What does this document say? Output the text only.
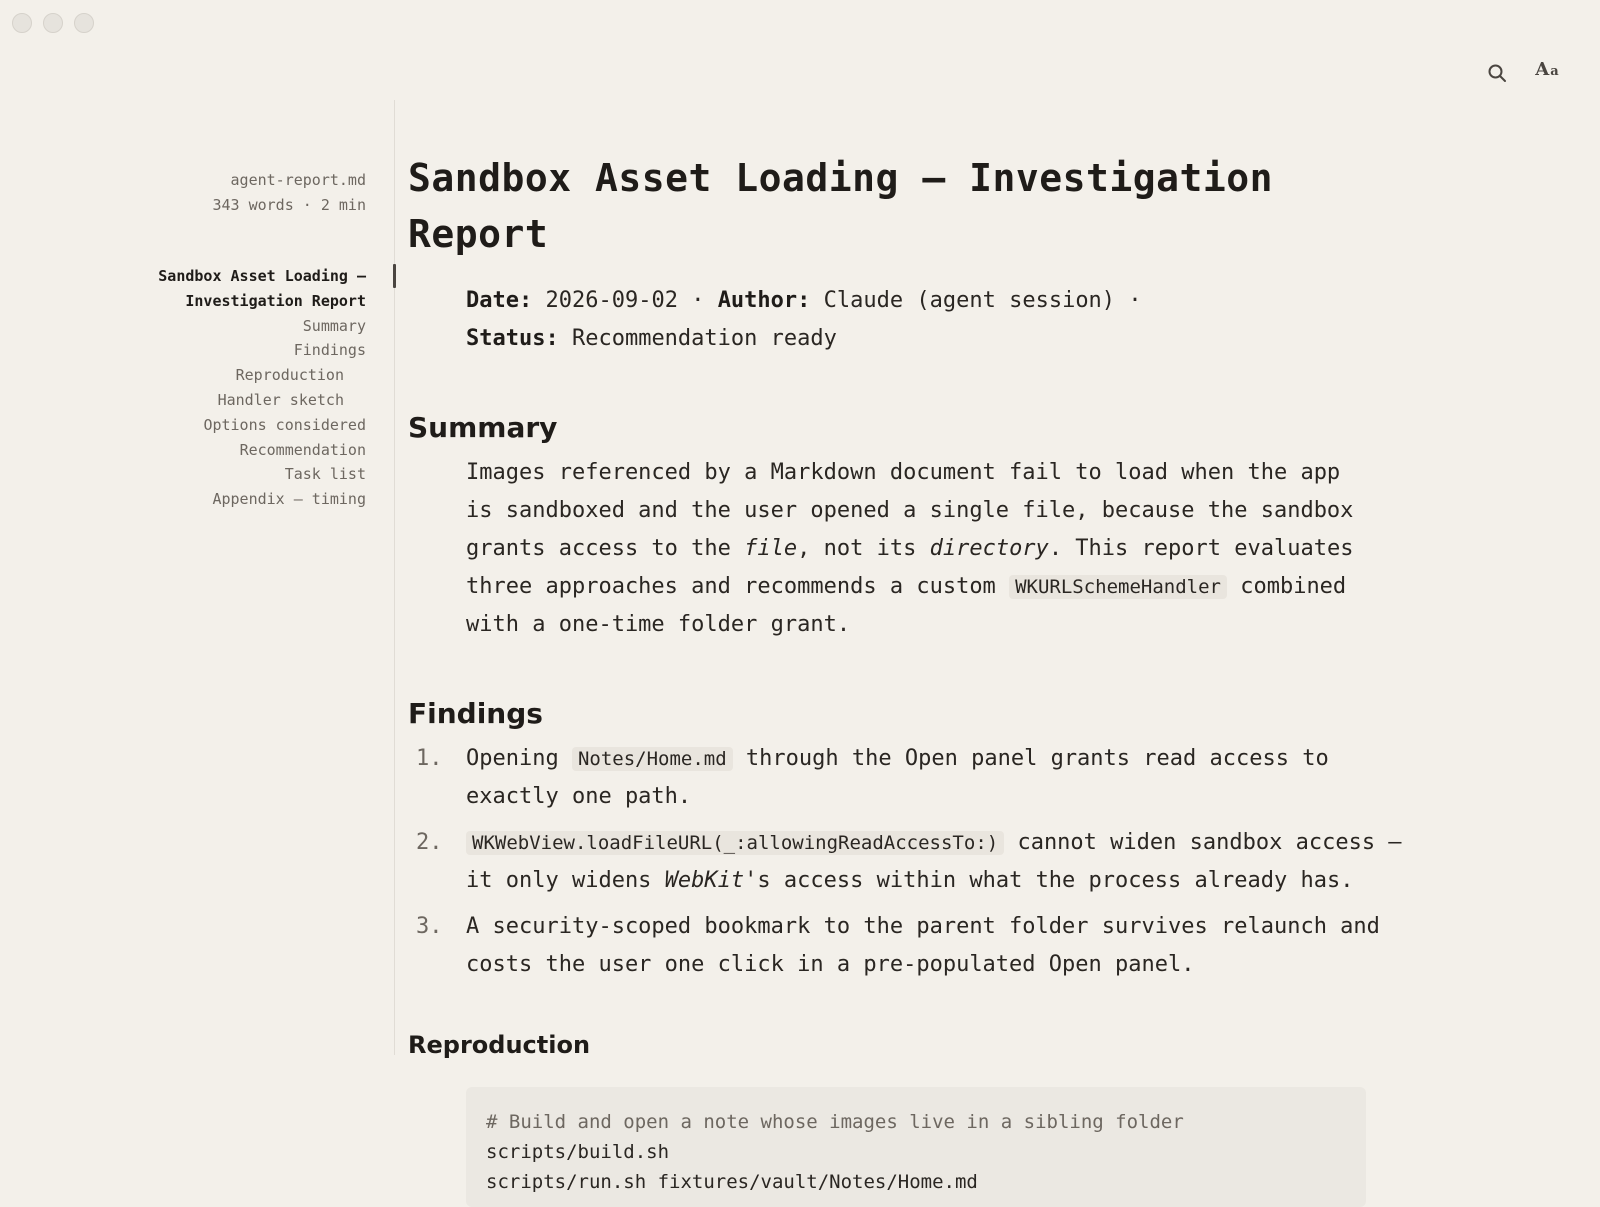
A a
agent-report.md
343 words · 2 min
Sandbox Asset Loading —
Investigation Report
Summary
Findings
Reproduction
Handler sketch
Options considered
Recommendation
Task list
Appendix — timing
Sandbox Asset Loading — Investigation Report
Date: 2026-09-02 · Author: Claude (agent session) · Status: Recommendation ready
Summary

Images referenced by a Markdown document fail to load when the app is sandboxed and the user opened a single file, because the sandbox grants access to the file, not its directory. This report evaluates three approaches and recommends a custom WKURLSchemeHandler combined with a one-time folder grant.

Findings
1. Opening Notes/Home.md through the Open panel grants read access to exactly one path.
2. WKWebView.loadFileURL(_:allowingReadAccessTo:) cannot widen sandbox access — it only widens WebKit's access within what the process already has.
3. A security-scoped bookmark to the parent folder survives relaunch and costs the user one click in a pre-populated Open panel.
Reproduction
# Build and open a note whose images live in a sibling folder
scripts/build.sh
scripts/run.sh fixtures/vault/Notes/Home.md
